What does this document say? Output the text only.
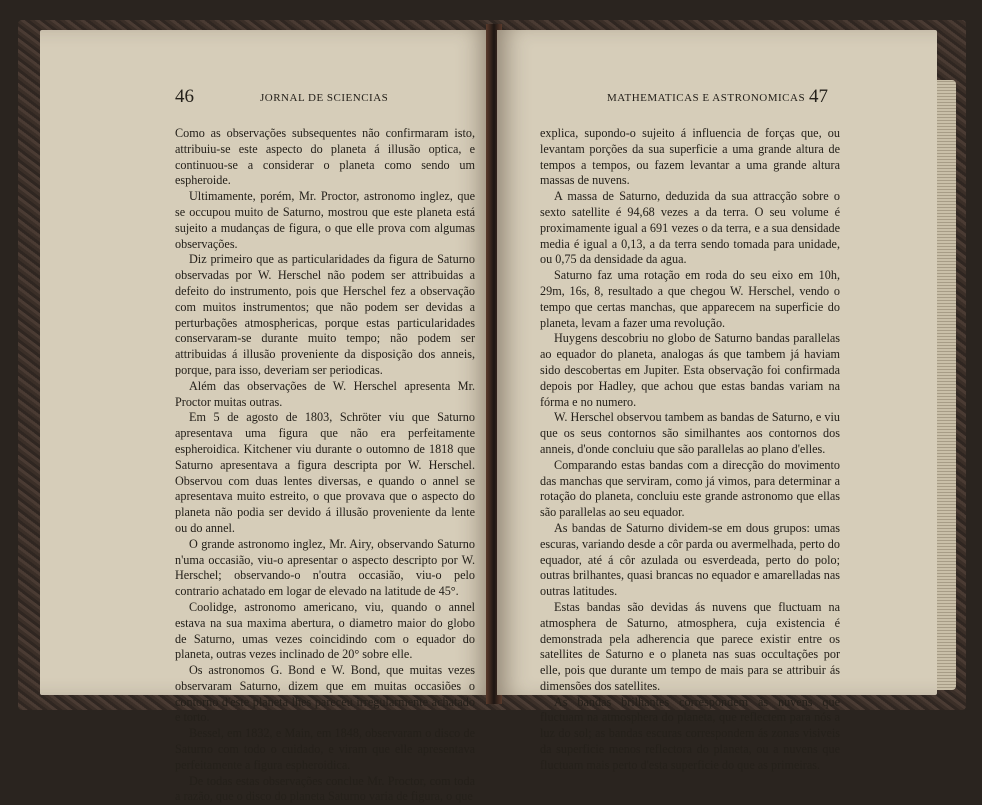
46	JORNAL DE SCIENCIAS

Como as observações subsequentes não confirmaram isto, attribuiu-se este aspecto do planeta á illusão optica, e continuou-se a considerar o planeta como sendo um espheroide.

Ultimamente, porém, Mr. Proctor, astronomo inglez, que se occupou muito de Saturno, mostrou que este planeta está sujeito a mudanças de figura, o que elle prova com algumas observações.

Diz primeiro que as particularidades da figura de Saturno observadas por W. Herschel não podem ser attribuidas a defeito do instrumento, pois que Herschel fez a observação com muitos instrumentos; que não podem ser devidas a perturbações atmosphericas, porque estas particularidades conservaram-se durante muito tempo; não podem ser attribuidas á illusão proveniente da disposição dos anneis, porque, para isso, deveriam ser periodicas.

Além das observações de W. Herschel apresenta Mr. Proctor muitas outras.

Em 5 de agosto de 1803, Schröter viu que Saturno apresentava uma figura que não era perfeitamente espheroidica. Kitchener viu durante o outomno de 1818 que Saturno apresentava a figura descripta por W. Herschel. Observou com duas lentes diversas, e quando o annel se apresentava muito estreito, o que provava que o aspecto do planeta não podia ser devido á illusão proveniente da lente ou do annel.

O grande astronomo inglez, Mr. Airy, observando Saturno n'uma occasião, viu-o apresentar o aspecto descripto por W. Herschel; observando-o n'outra occasião, viu-o pelo contrario achatado em logar de elevado na latitude de 45°.

Coolidge, astronomo americano, viu, quando o annel estava na sua maxima abertura, o diametro maior do globo de Saturno, umas vezes coincidindo com o equador do planeta, outras vezes inclinado de 20° sobre elle.

Os astronomos G. Bond e W. Bond, que muitas vezes observaram Saturno, dizem que em muitas occasiões o contorno d'este planeta lhes pareceu irregularmente achatado e torto.

Bessel, em 1832, e Main, em 1848, observaram o disco de Saturno com todo o cuidado, e viram que elle apresentava perfeitamente a figura espheroidica.

De todas estas observações conclue Mr. Proctor, com toda a razão, que o disco do planeta Saturno varia de figura, o que

MATHEMATICAS E ASTRONOMICAS 47

explica, supondo-o sujeito á influencia de forças que, ou levantam porções da sua superficie a uma grande altura de tempos a tempos, ou fazem levantar a uma grande altura massas de nuvens.

A massa de Saturno, deduzida da sua attracção sobre o sexto satellite é 94,68 vezes a da terra. O seu volume é proximamente igual a 691 vezes o da terra, e a sua densidade media é igual a 0,13, a da terra sendo tomada para unidade, ou 0,75 da densidade da agua.

Saturno faz uma rotação em roda do seu eixo em 10h, 29m, 16s, 8, resultado a que chegou W. Herschel, vendo o tempo que certas manchas, que apparecem na superficie do planeta, levam a fazer uma revolução.

Huygens descobriu no globo de Saturno bandas parallelas ao equador do planeta, analogas ás que tambem já haviam sido descobertas em Jupiter. Esta observação foi confirmada depois por Hadley, que achou que estas bandas variam na fórma e no numero.

W. Herschel observou tambem as bandas de Saturno, e viu que os seus contornos são similhantes aos contornos dos anneis, d'onde concluiu que são parallelas ao plano d'elles.

Comparando estas bandas com a direcção do movimento das manchas que serviram, como já vimos, para determinar a rotação do planeta, concluiu este grande astronomo que ellas são parallelas ao seu equador.

As bandas de Saturno dividem-se em dous grupos: umas escuras, variando desde a côr parda ou avermelhada, perto do equador, até á côr azulada ou esverdeada, perto do polo; outras brilhantes, quasi brancas no equador e amarelladas nas outras latitudes.

Estas bandas são devidas ás nuvens que fluctuam na atmosphera de Saturno, atmosphera, cuja existencia é demonstrada pela adherencia que parece existir entre os satellites de Saturno e o planeta nas suas occultações por elle, pois que durante um tempo de mais para se attribuir ás dimensões dos satellites.

As bandas brilhantes correspondem ás nuvens que fluctuam na atmosphera do planeta, que reflectem para nós a luz do sol; as bandas escuras correspondem ás zonas visiveis da superficie menos reflectora do planeta, ou a nuvens que fluctuam mais perto d'esta superficie do que as primeiras.
